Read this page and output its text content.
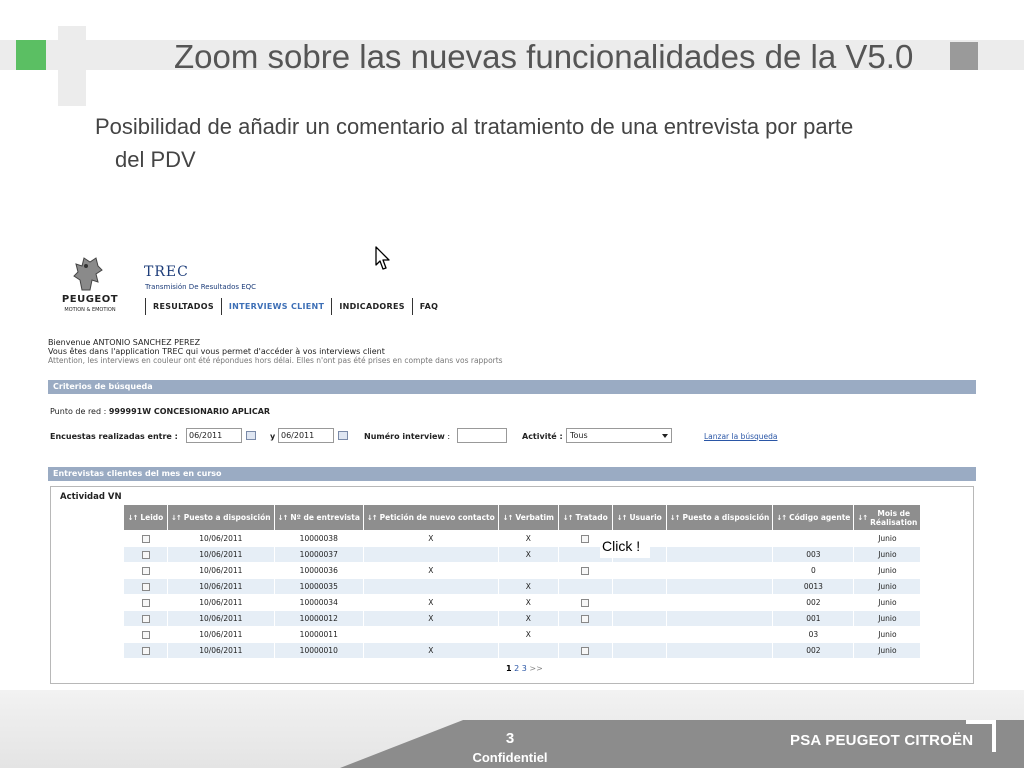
Zoom sobre las nuevas funcionalidades de la V5.0
Posibilidad de añadir un comentario al tratamiento de una entrevista por parte
del PDV
PEUGEOT
MOTION & EMOTION
TREC
Transmisión De Resultados EQC
RESULTADOS	INTERVIEWS CLIENT	INDICADORES	FAQ
Bienvenue ANTONIO SANCHEZ PEREZ
Vous êtes dans l'application TREC qui vous permet d'accéder à vos interviews client
Attention, les interviews en couleur ont été répondues hors délai. Elles n'ont pas été prises en compte dans vos rapports
Criterios de búsqueda
Punto de red : 999991W CONCESIONARIO APLICAR
Encuestas realizadas entre :	06/2011	y 06/2011	Numéro interview :	Activité : Tous	Lanzar la búsqueda
Entrevistas clientes del mes en curso
Actividad VN
↓↑ Leido	↓↑ Puesto a disposición	↓↑ Nº de entrevista	↓↑ Petición de nuevo contacto	↓↑ Verbatim	↓↑ Tratado	↓↑ Usuario	↓↑ Puesto a disposición	↓↑ Código agente	↓↑ Mois de
Réalisation
	10/06/2011	10000038	X	X					Junio
	10/06/2011	10000037		X				003	Junio
	10/06/2011	10000036	X					0	Junio
	10/06/2011	10000035		X				0013	Junio
	10/06/2011	10000034	X	X				002	Junio
	10/06/2011	10000012	X	X				001	Junio
	10/06/2011	10000011		X				03	Junio
	10/06/2011	10000010	X					002	Junio
Click !
1 2 3 >>
3
Confidentiel
PSA PEUGEOT CITROËN
